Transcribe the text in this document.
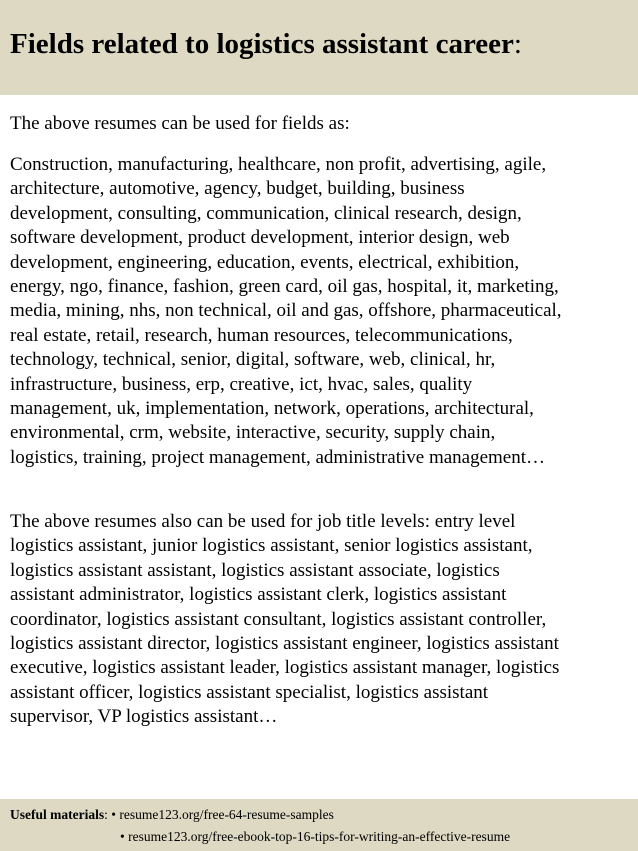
Fields related to logistics assistant career:
The above resumes can be used for fields as:
Construction, manufacturing, healthcare, non profit, advertising, agile,
architecture, automotive, agency, budget, building, business
development, consulting, communication, clinical research, design,
software development, product development, interior design, web
development, engineering, education, events, electrical, exhibition,
energy, ngo, finance, fashion, green card, oil gas, hospital, it, marketing,
media, mining, nhs, non technical, oil and gas, offshore, pharmaceutical,
real estate, retail, research, human resources, telecommunications,
technology, technical, senior, digital, software, web, clinical, hr,
infrastructure, business, erp, creative, ict, hvac, sales, quality
management, uk, implementation, network, operations, architectural,
environmental, crm, website, interactive, security, supply chain,
logistics, training, project management, administrative management…
The above resumes also can be used for job title levels: entry level
logistics assistant, junior logistics assistant, senior logistics assistant,
logistics assistant assistant, logistics assistant associate, logistics
assistant administrator, logistics assistant clerk, logistics assistant
coordinator, logistics assistant consultant, logistics assistant controller,
logistics assistant director, logistics assistant engineer, logistics assistant
executive, logistics assistant leader, logistics assistant manager, logistics
assistant officer, logistics assistant specialist, logistics assistant
supervisor, VP logistics assistant…
Useful materials: • resume123.org/free-64-resume-samples
• resume123.org/free-ebook-top-16-tips-for-writing-an-effective-resume
